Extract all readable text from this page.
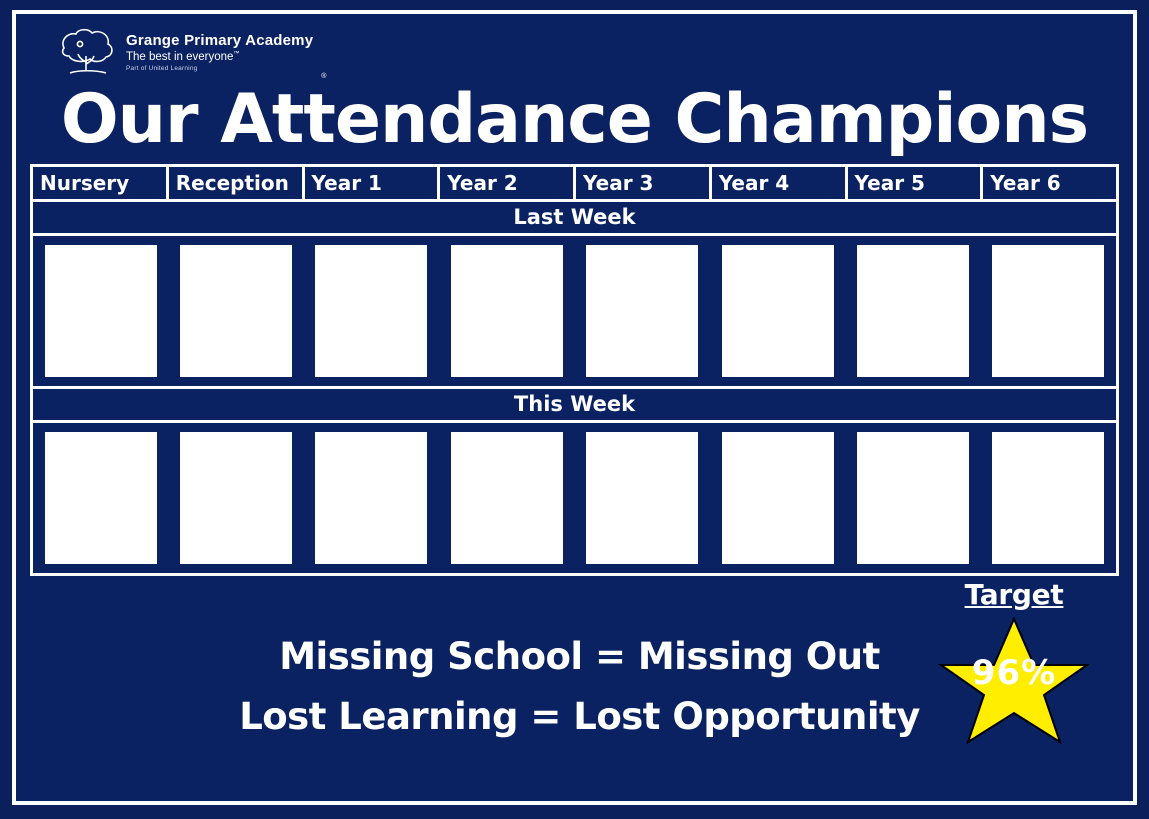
Grange Primary Academy
The best in everyone™
Part of United Learning
®
Our Attendance Champions
Nursery	Reception	Year 1	Year 2	Year 3	Year 4	Year 5	Year 6
Last Week
This Week
Missing School = Missing Out
Lost Learning = Lost Opportunity
Target
96%
